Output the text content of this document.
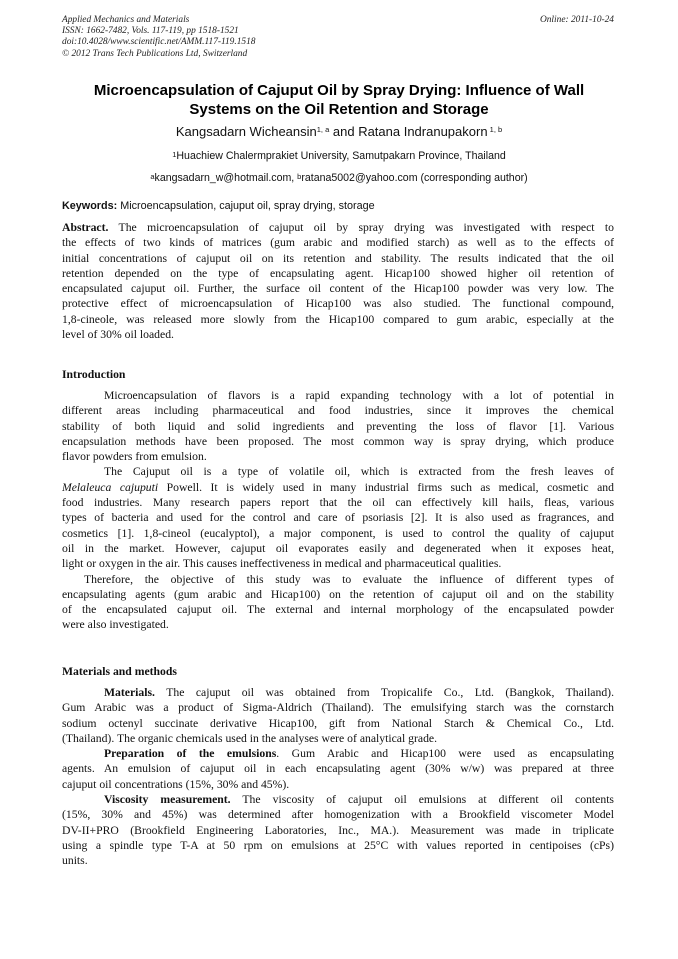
Applied Mechanics and Materials
ISSN: 1662-7482, Vols. 117-119, pp 1518-1521
doi:10.4028/www.scientific.net/AMM.117-119.1518
© 2012 Trans Tech Publications Ltd, Switzerland
Online: 2011-10-24
Microencapsulation of Cajuput Oil by Spray Drying: Influence of Wall
Systems on the Oil Retention and Storage
Kangsadarn Wicheansin$^{1, a}$ and Ratana Indranupakorn $^{1, b}$
$^1$Huachiew Chalermprakiet University, Samutpakarn Province, Thailand
$^a$kangsadarn_w@hotmail.com, $^b$ratana5002@yahoo.com (corresponding author)
Keywords: Microencapsulation, cajuput oil, spray drying, storage
Abstract. The microencapsulation of cajuput oil by spray drying was investigated with respect to
the effects of two kinds of matrices (gum arabic and modified starch) as well as to the effects of
initial concentrations of cajuput oil on its retention and stability. The results indicated that the oil
retention depended on the type of encapsulating agent. Hicap100 showed higher oil retention of
encapsulated cajuput oil. Further, the surface oil content of the Hicap100 powder was very low. The
protective effect of microencapsulation of Hicap100 was also studied. The functional compound,
1,8-cineole, was released more slowly from the Hicap100 compared to gum arabic, especially at the
level of 30% oil loaded.
Introduction
Microencapsulation of flavors is a rapid expanding technology with a lot of potential in
different areas including pharmaceutical and food industries, since it improves the chemical
stability of both liquid and solid ingredients and preventing the loss of flavor [1]. Various
encapsulation methods have been proposed. The most common way is spray drying, which produce
flavor powders from emulsion.
The Cajuput oil is a type of volatile oil, which is extracted from the fresh leaves of
Melaleuca cajuputi Powell. It is widely used in many industrial firms such as medical, cosmetic and
food industries. Many research papers report that the oil can effectively kill hails, fleas, various
types of bacteria and used for the control and care of psoriasis [2]. It is also used as fragrances, and
cosmetics [1]. 1,8-cineol (eucalyptol), a major component, is used to control the quality of cajuput
oil in the market. However, cajuput oil evaporates easily and degenerated when it exposes heat,
light or oxygen in the air. This causes ineffectiveness in medical and pharmaceutical qualities.
Therefore, the objective of this study was to evaluate the influence of different types of
encapsulating agents (gum arabic and Hicap100) on the retention of cajuput oil and on the stability
of the encapsulated cajuput oil. The external and internal morphology of the encapsulated powder
were also investigated.
Materials and methods
Materials. The cajuput oil was obtained from Tropicalife Co., Ltd. (Bangkok, Thailand).
Gum Arabic was a product of Sigma-Aldrich (Thailand). The emulsifying starch was the cornstarch
sodium octenyl succinate derivative Hicap100, gift from National Starch & Chemical Co., Ltd.
(Thailand). The organic chemicals used in the analyses were of analytical grade.
Preparation of the emulsions. Gum Arabic and Hicap100 were used as encapsulating
agents. An emulsion of cajuput oil in each encapsulating agent (30% w/w) was prepared at three
cajuput oil concentrations (15%, 30% and 45%).
Viscosity measurement. The viscosity of cajuput oil emulsions at different oil contents
(15%, 30% and 45%) was determined after homogenization with a Brookfield viscometer Model
DV-II+PRO (Brookfield Engineering Laboratories, Inc., MA.). Measurement was made in triplicate
using a spindle type T-A at 50 rpm on emulsions at 25°C with values reported in centipoises (cPs)
units.
